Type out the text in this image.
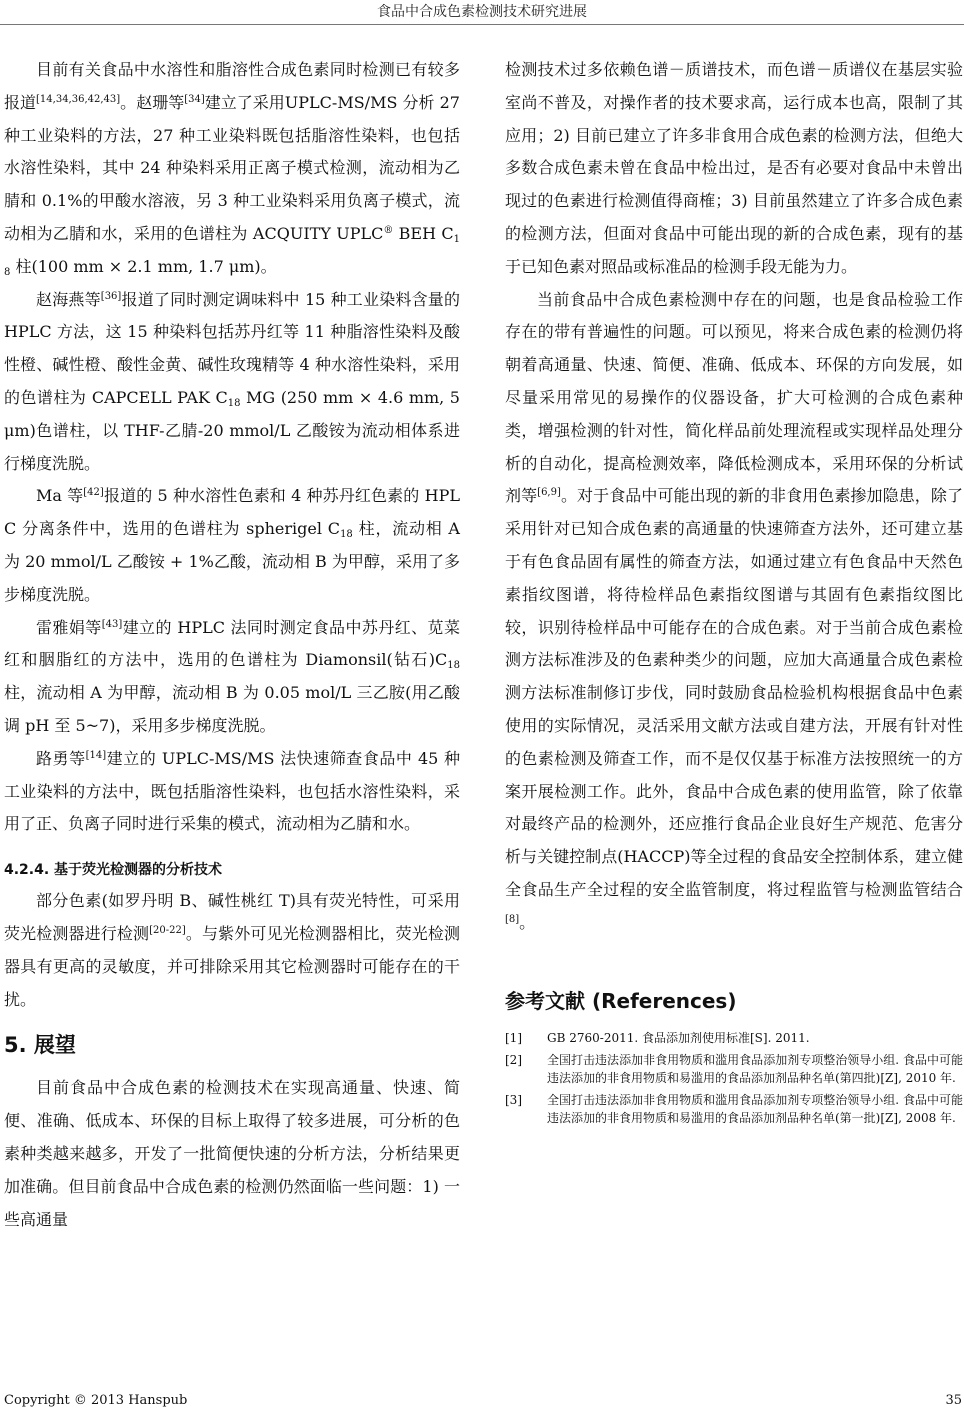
食品中合成色素检测技术研究进展

目前有关食品中水溶性和脂溶性合成色素同时检测已有较多报道[14,34,36,42,43]。赵珊等[34]建立了采用UPLC-MS/MS 分析 27 种工业染料的方法，27 种工业染料既包括脂溶性染料，也包括水溶性染料，其中 24 种染料采用正离子模式检测，流动相为乙腈和 0.1%的甲酸水溶液，另 3 种工业染料采用负离子模式，流动相为乙腈和水，采用的色谱柱为 ACQUITY UPLC® BEH $C_{18}$ 柱(100 mm × 2.1 mm, 1.7 μm)。

赵海燕等[36]报道了同时测定调味料中 15 种工业染料含量的 HPLC 方法，这 15 种染料包括苏丹红等 11 种脂溶性染料及酸性橙、碱性橙、酸性金黄、碱性玫瑰精等 4 种水溶性染料，采用的色谱柱为 CAPCELL PAK $C_{18}$ MG (250 mm × 4.6 mm, 5 μm)色谱柱，以 THF-乙腈-20 mmol/L 乙酸铵为流动相体系进行梯度洗脱。

Ma 等[42]报道的 5 种水溶性色素和 4 种苏丹红色素的 HPLC 分离条件中，选用的色谱柱为 spherigel $C_{18}$ 柱，流动相 A 为 20 mmol/L 乙酸铵 + 1%乙酸，流动相 B 为甲醇，采用了多步梯度洗脱。

雷雅娟等[43]建立的 HPLC 法同时测定食品中苏丹红、苋菜红和胭脂红的方法中，选用的色谱柱为 Diamonsil(钻石)$C_{18}$ 柱，流动相 A 为甲醇，流动相 B 为 0.05 mol/L 三乙胺(用乙酸调 pH 至 5~7)，采用多步梯度洗脱。

路勇等[14]建立的 UPLC-MS/MS 法快速筛查食品中 45 种工业染料的方法中，既包括脂溶性染料，也包括水溶性染料，采用了正、负离子同时进行采集的模式，流动相为乙腈和水。

4.2.4. 基于荧光检测器的分析技术

部分色素(如罗丹明 B、碱性桃红 T)具有荧光特性，可采用荧光检测器进行检测[20-22]。与紫外可见光检测器相比，荧光检测器具有更高的灵敏度，并可排除采用其它检测器时可能存在的干扰。

5. 展望

目前食品中合成色素的检测技术在实现高通量、快速、简便、准确、低成本、环保的目标上取得了较多进展，可分析的色素种类越来越多，开发了一批简便快速的分析方法，分析结果更加准确。但目前食品中合成色素的检测仍然面临一些问题：1) 一些高通量

检测技术过多依赖色谱－质谱技术，而色谱－质谱仪在基层实验室尚不普及，对操作者的技术要求高，运行成本也高，限制了其应用；2) 目前已建立了许多非食用合成色素的检测方法，但绝大多数合成色素未曾在食品中检出过，是否有必要对食品中未曾出现过的色素进行检测值得商榷；3) 目前虽然建立了许多合成色素的检测方法，但面对食品中可能出现的新的合成色素，现有的基于已知色素对照品或标准品的检测手段无能为力。

当前食品中合成色素检测中存在的问题，也是食品检验工作存在的带有普遍性的问题。可以预见，将来合成色素的检测仍将朝着高通量、快速、简便、准确、低成本、环保的方向发展，如尽量采用常见的易操作的仪器设备，扩大可检测的合成色素种类，增强检测的针对性，简化样品前处理流程或实现样品处理分析的自动化，提高检测效率，降低检测成本，采用环保的分析试剂等[6,9]。对于食品中可能出现的新的非食用色素掺加隐患，除了采用针对已知合成色素的高通量的快速筛查方法外，还可建立基于有色食品固有属性的筛查方法，如通过建立有色食品中天然色素指纹图谱，将待检样品色素指纹图谱与其固有色素指纹图比较，识别待检样品中可能存在的合成色素。对于当前合成色素检测方法标准涉及的色素种类少的问题，应加大高通量合成色素检测方法标准制修订步伐，同时鼓励食品检验机构根据食品中色素使用的实际情况，灵活采用文献方法或自建方法，开展有针对性的色素检测及筛查工作，而不是仅仅基于标准方法按照统一的方案开展检测工作。此外，食品中合成色素的使用监管，除了依靠对最终产品的检测外，还应推行食品企业良好生产规范、危害分析与关键控制点(HACCP)等全过程的食品安全控制体系，建立健全食品生产全过程的安全监管制度，将过程监管与检测监管结合[8]。

参考文献 (References)
[1]	GB 2760-2011. 食品添加剂使用标准[S]. 2011.
[2]	全国打击违法添加非食用物质和滥用食品添加剂专项整治领导小组. 食品中可能违法添加的非食用物质和易滥用的食品添加剂品种名单(第四批)[Z], 2010 年.
[3]	全国打击违法添加非食用物质和滥用食品添加剂专项整治领导小组. 食品中可能违法添加的非食用物质和易滥用的食品添加剂品种名单(第一批)[Z], 2008 年.
Copyright © 2013 Hanspub	35
